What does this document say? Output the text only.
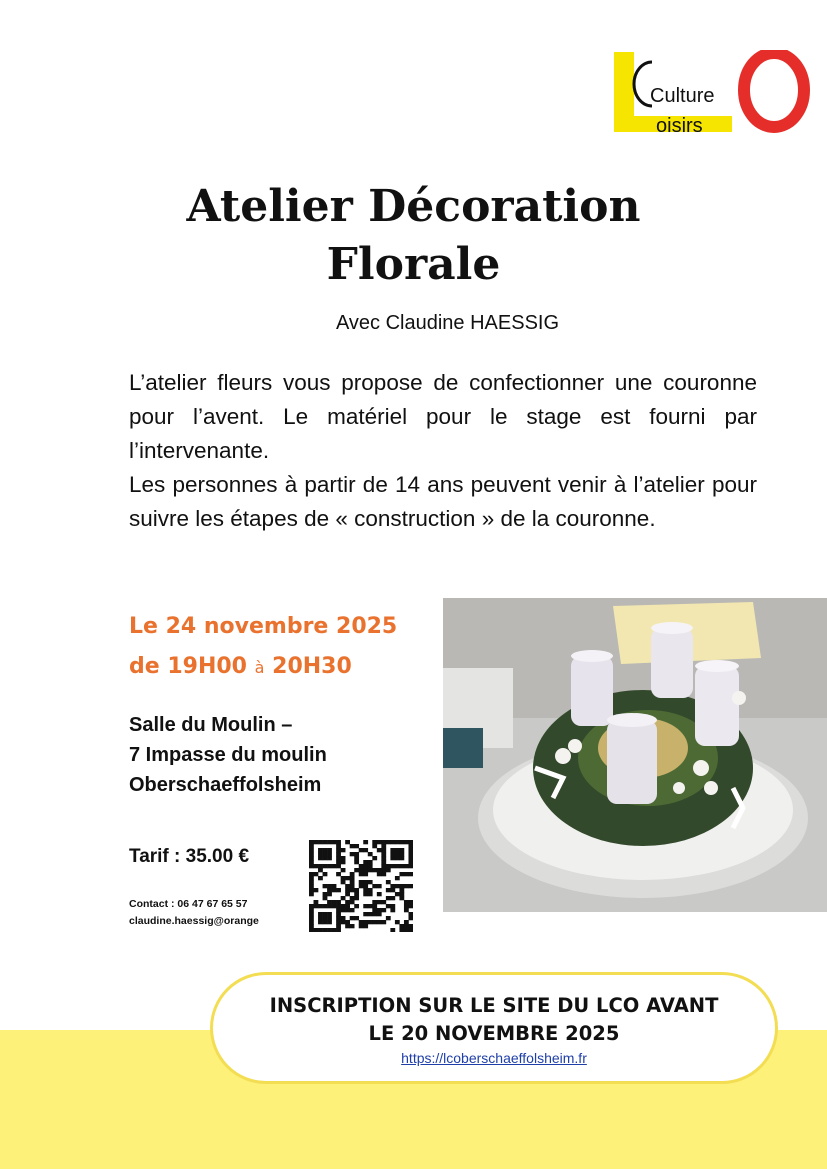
Culture
oisirs
Atelier Décoration
Florale
Avec Claudine HAESSIG

L’atelier fleurs vous propose de confectionner une couronne pour l’avent. Le matériel pour le stage est fourni par l’intervenante.

Les personnes à partir de 14 ans peuvent venir à l’atelier pour suivre les étapes de « construction » de la couronne.

Le 24 novembre 2025
de 19H00 à 20H30
Salle du Moulin –
7 Impasse du moulin
Oberschaeffolsheim
Tarif : 35.00 €
Contact : 06 47 67 65 57
claudine.haessig@orange
INSCRIPTION SUR LE SITE DU LCO AVANT
LE 20 NOVEMBRE 2025
https://lcoberschaeffolsheim.fr
